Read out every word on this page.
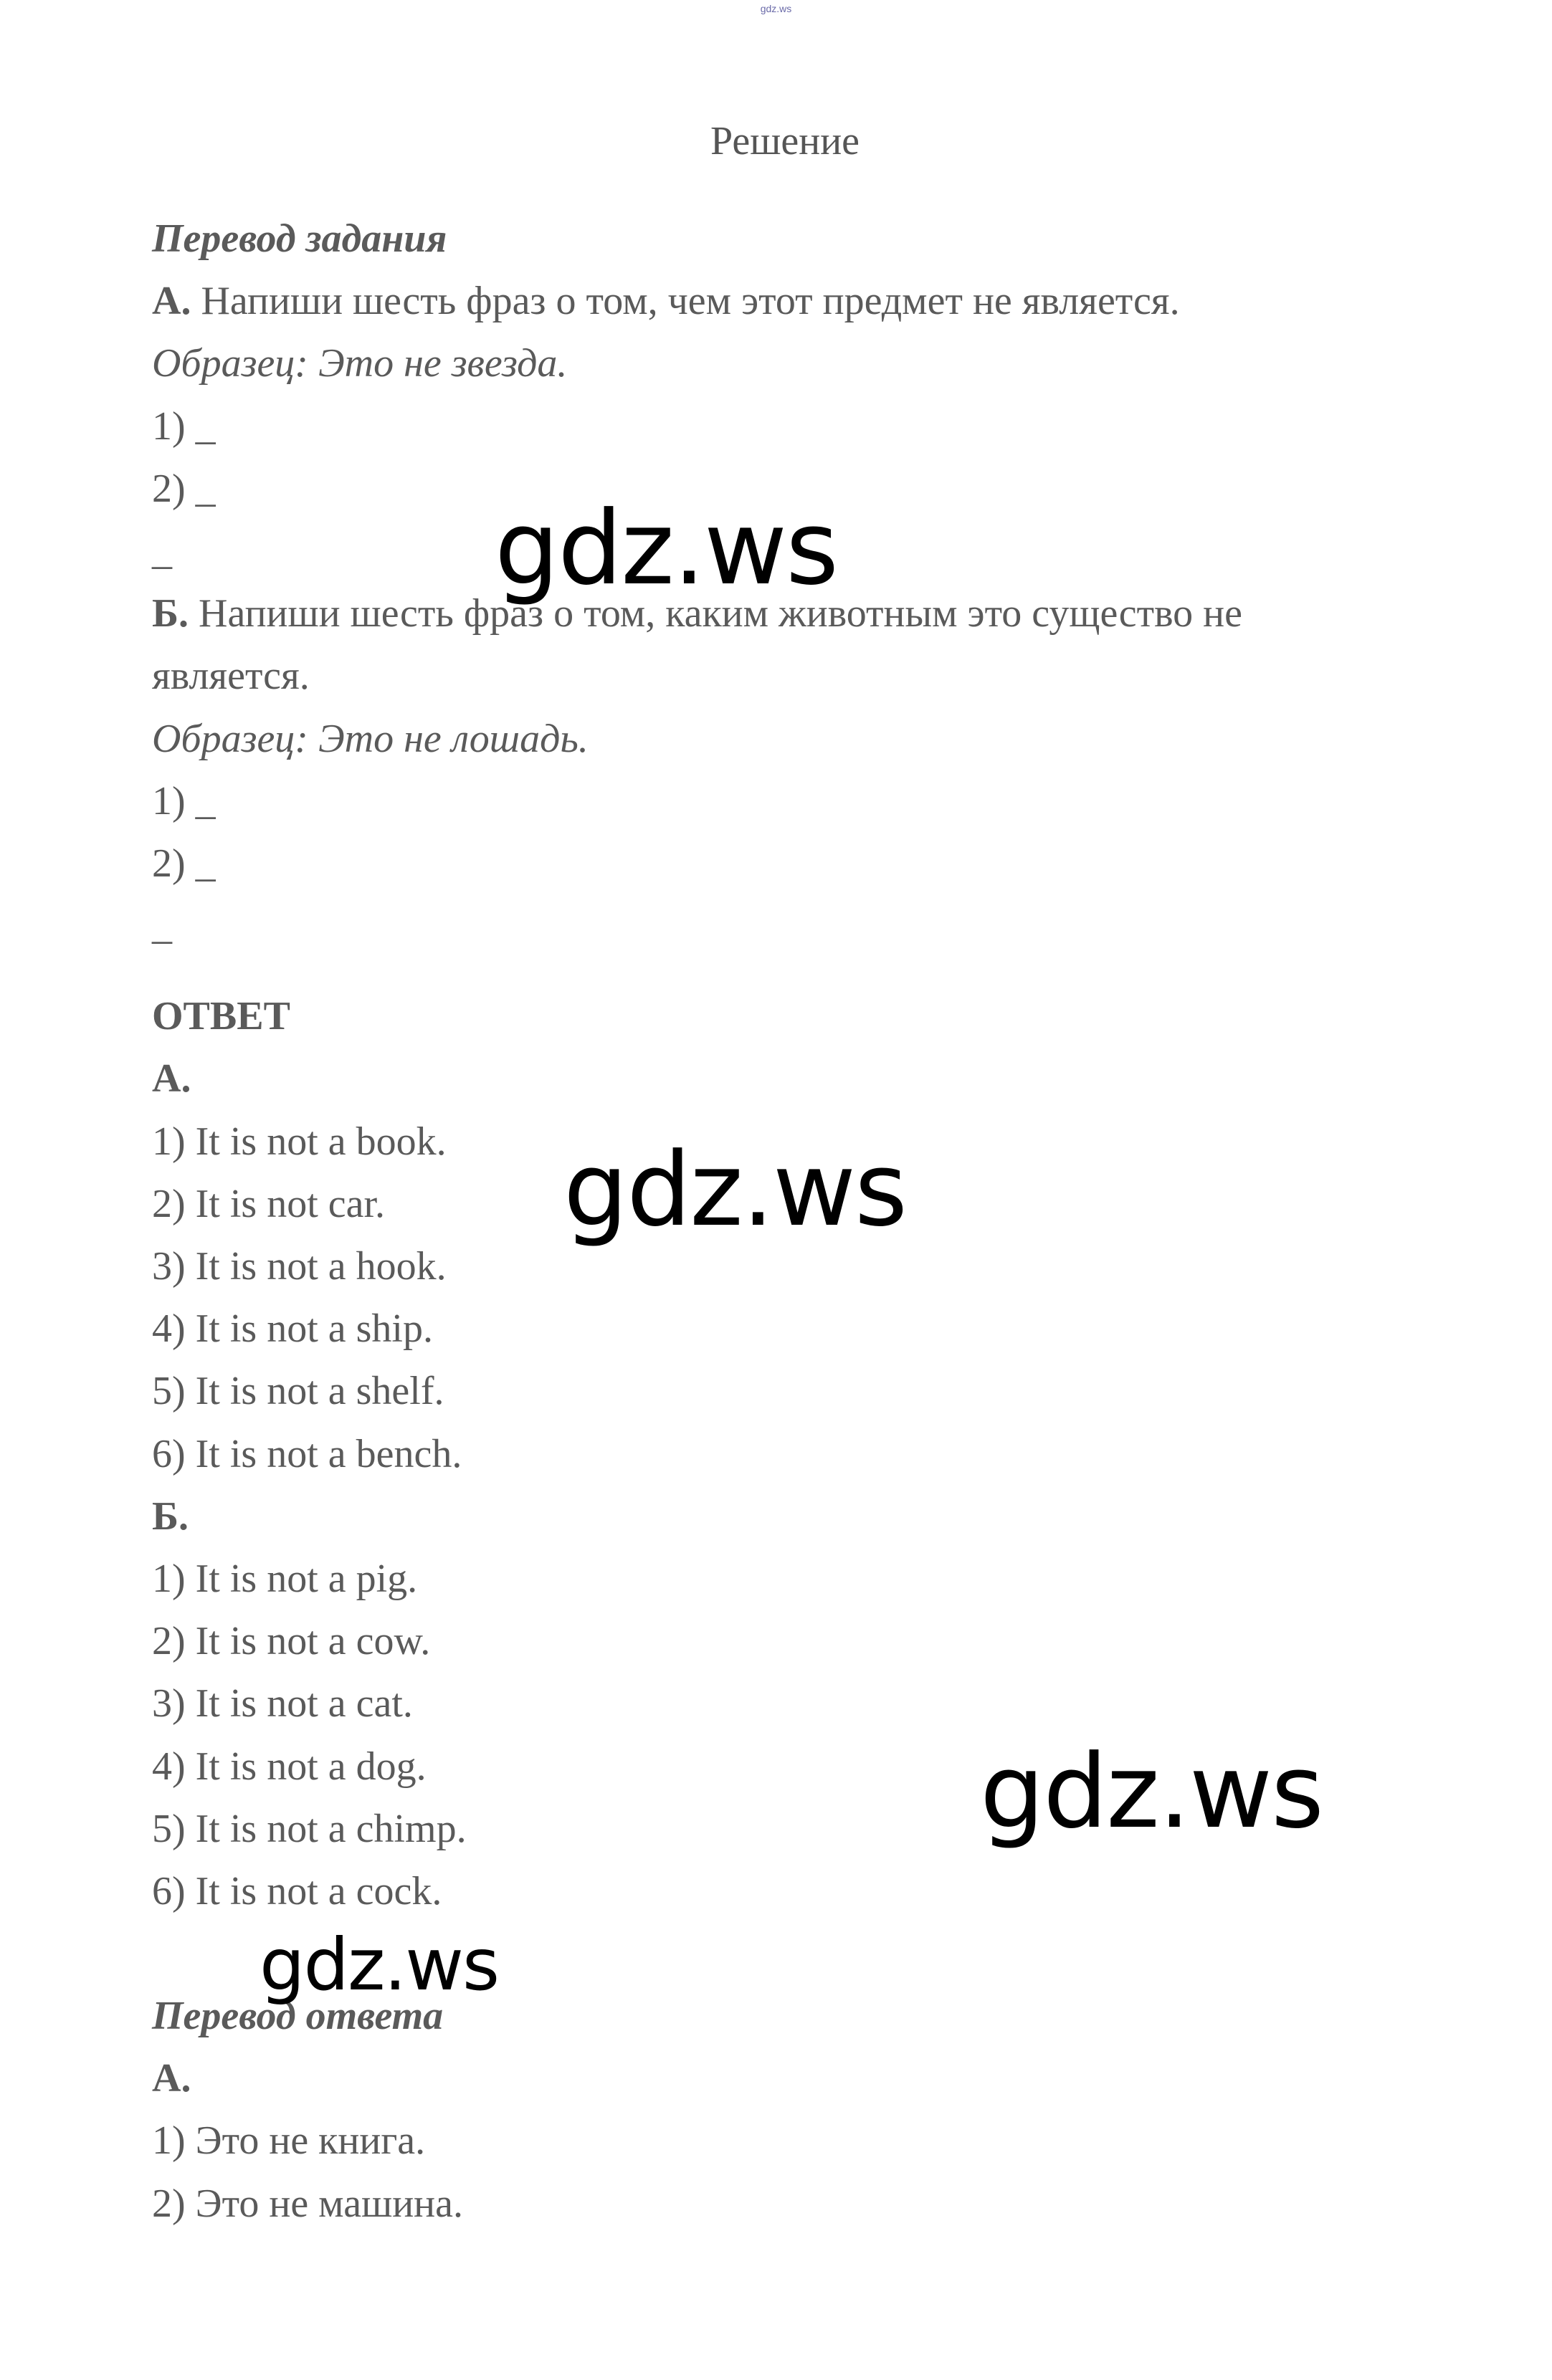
gdz.ws
Решение
Перевод задания
А. Напиши шесть фраз о том, чем этот предмет не является.
Образец: Это не звезда.
1) _
2) _
_
Б. Напиши шесть фраз о том, каким животным это существо не является.
Образец: Это не лошадь.
1) _
2) _
_
ОТВЕТ
А.
1) It is not a book.
2) It is not car.
3) It is not a hook.
4) It is not a ship.
5) It is not a shelf.
6) It is not a bench.
Б.
1) It is not a pig.
2) It is not a cow.
3) It is not a cat.
4) It is not a dog.
5) It is not a chimp.
6) It is not a cock.
Перевод ответа
А.
1) Это не книга.
2) Это не машина.
gdz.ws
gdz.ws
gdz.ws
gdz.ws
